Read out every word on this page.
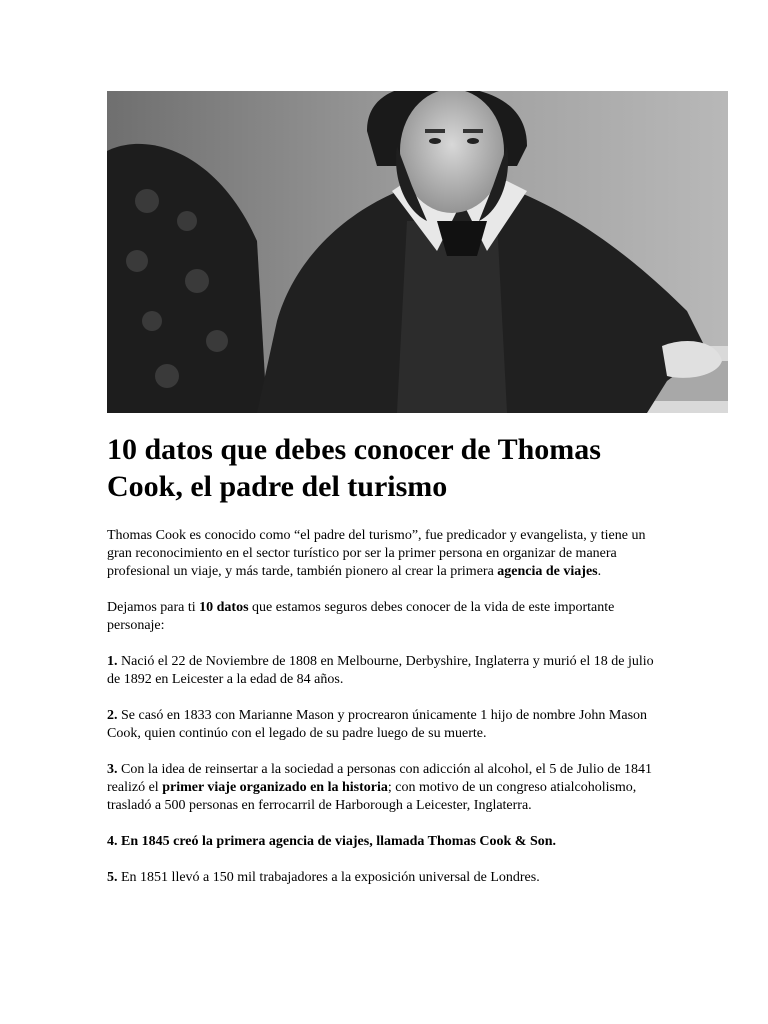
10 datos que debes conocer de Thomas Cook, el padre del turismo

Thomas Cook es conocido como “el padre del turismo”, fue predicador y evangelista, y tiene un gran reconocimiento en el sector turístico por ser la primer persona en organizar de manera profesional un viaje, y más tarde, también pionero al crear la primera agencia de viajes.

Dejamos para ti 10 datos que estamos seguros debes conocer de la vida de este importante personaje:

1. Nació el 22 de Noviembre de 1808 en Melbourne, Derbyshire, Inglaterra y murió el 18 de julio de 1892 en Leicester a la edad de 84 años.

2. Se casó en 1833 con Marianne Mason y procrearon únicamente 1 hijo de nombre John Mason Cook, quien continúo con el legado de su padre luego de su muerte.

3. Con la idea de reinsertar a la sociedad a personas con adicción al alcohol, el 5 de Julio de 1841 realizó el primer viaje organizado en la historia; con motivo de un congreso atialcoholismo, trasladó a 500 personas en ferrocarril de Harborough a Leicester, Inglaterra.

4. En 1845 creó la primera agencia de viajes, llamada Thomas Cook & Son.

5. En 1851 llevó a 150 mil trabajadores a la exposición universal de Londres.
